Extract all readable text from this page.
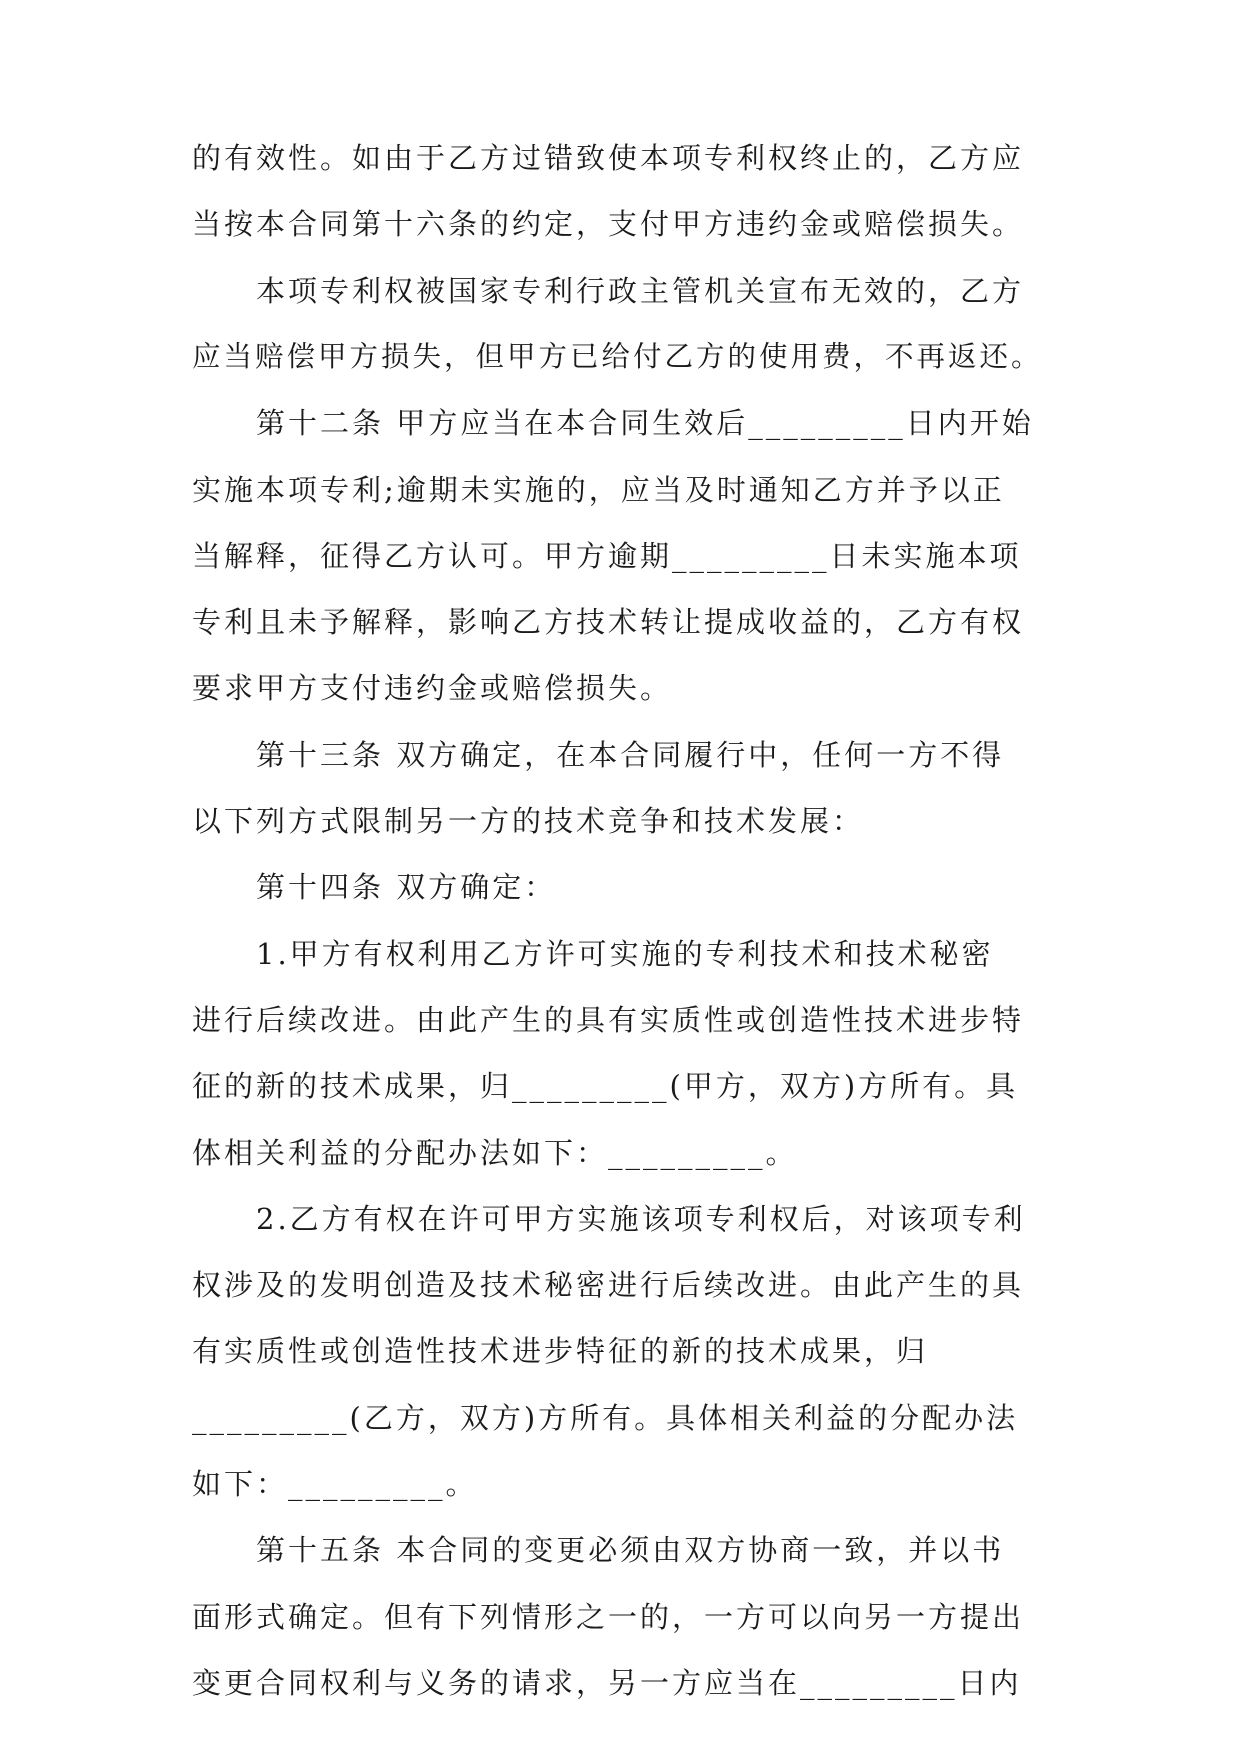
的有效性。如由于乙方过错致使本项专利权终止的，乙方应
当按本合同第十六条的约定，支付甲方违约金或赔偿损失。
本项专利权被国家专利行政主管机关宣布无效的，乙方
应当赔偿甲方损失，但甲方已给付乙方的使用费，不再返还。
第十二条 甲方应当在本合同生效后_________日内开始
实施本项专利;逾期未实施的，应当及时通知乙方并予以正
当解释，征得乙方认可。甲方逾期_________日未实施本项
专利且未予解释，影响乙方技术转让提成收益的，乙方有权
要求甲方支付违约金或赔偿损失。
第十三条 双方确定，在本合同履行中，任何一方不得
以下列方式限制另一方的技术竞争和技术发展：
第十四条 双方确定：
1.甲方有权利用乙方许可实施的专利技术和技术秘密
进行后续改进。由此产生的具有实质性或创造性技术进步特
征的新的技术成果，归_________(甲方，双方)方所有。具
体相关利益的分配办法如下：_________。
2.乙方有权在许可甲方实施该项专利权后，对该项专利
权涉及的发明创造及技术秘密进行后续改进。由此产生的具
有实质性或创造性技术进步特征的新的技术成果，归
_________(乙方，双方)方所有。具体相关利益的分配办法
如下：_________。
第十五条 本合同的变更必须由双方协商一致，并以书
面形式确定。但有下列情形之一的，一方可以向另一方提出
变更合同权利与义务的请求，另一方应当在_________日内
